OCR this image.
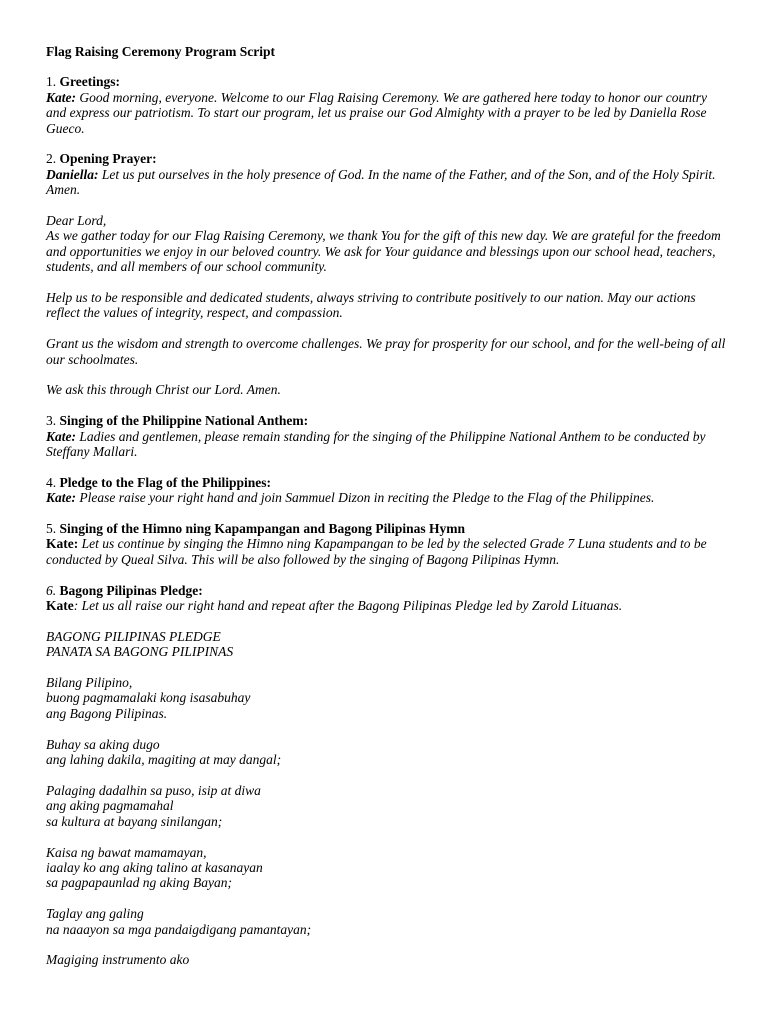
Flag Raising Ceremony Program Script
1. Greetings:
Kate: Good morning, everyone. Welcome to our Flag Raising Ceremony. We are gathered here today to honor our country and express our patriotism. To start our program, let us praise our God Almighty with a prayer to be led by Daniella Rose Gueco.
2. Opening Prayer:
Daniella: Let us put ourselves in the holy presence of God. In the name of the Father, and of the Son, and of the Holy Spirit. Amen.
Dear Lord,
As we gather today for our Flag Raising Ceremony, we thank You for the gift of this new day. We are grateful for the freedom and opportunities we enjoy in our beloved country. We ask for Your guidance and blessings upon our school head, teachers, students, and all members of our school community.
Help us to be responsible and dedicated students, always striving to contribute positively to our nation. May our actions reflect the values of integrity, respect, and compassion.
Grant us the wisdom and strength to overcome challenges. We pray for prosperity for our school, and for the well-being of all our schoolmates.
We ask this through Christ our Lord. Amen.
3. Singing of the Philippine National Anthem:
Kate: Ladies and gentlemen, please remain standing for the singing of the Philippine National Anthem to be conducted by Steffany Mallari.
4. Pledge to the Flag of the Philippines:
Kate: Please raise your right hand and join Sammuel Dizon in reciting the Pledge to the Flag of the Philippines.
5. Singing of the Himno ning Kapampangan and Bagong Pilipinas Hymn
Kate: Let us continue by singing the Himno ning Kapampangan to be led by the selected Grade 7 Luna students and to be conducted by Queal Silva. This will be also followed by the singing of Bagong Pilipinas Hymn.
6. Bagong Pilipinas Pledge:
Kate: Let us all raise our right hand and repeat after the Bagong Pilipinas Pledge led by Zarold Lituanas.
BAGONG PILIPINAS PLEDGE
PANATA SA BAGONG PILIPINAS
Bilang Pilipino,
buong pagmamalaki kong isasabuhay
ang Bagong Pilipinas.
Buhay sa aking dugo
ang lahing dakila, magiting at may dangal;
Palaging dadalhin sa puso, isip at diwa
ang aking pagmamahal
sa kultura at bayang sinilangan;
Kaisa ng bawat mamamayan,
iaalay ko ang aking talino at kasanayan
sa pagpapaunlad ng aking Bayan;
Taglay ang galing
na naaayon sa mga pandaigdigang pamantayan;
Magiging instrumento ako
